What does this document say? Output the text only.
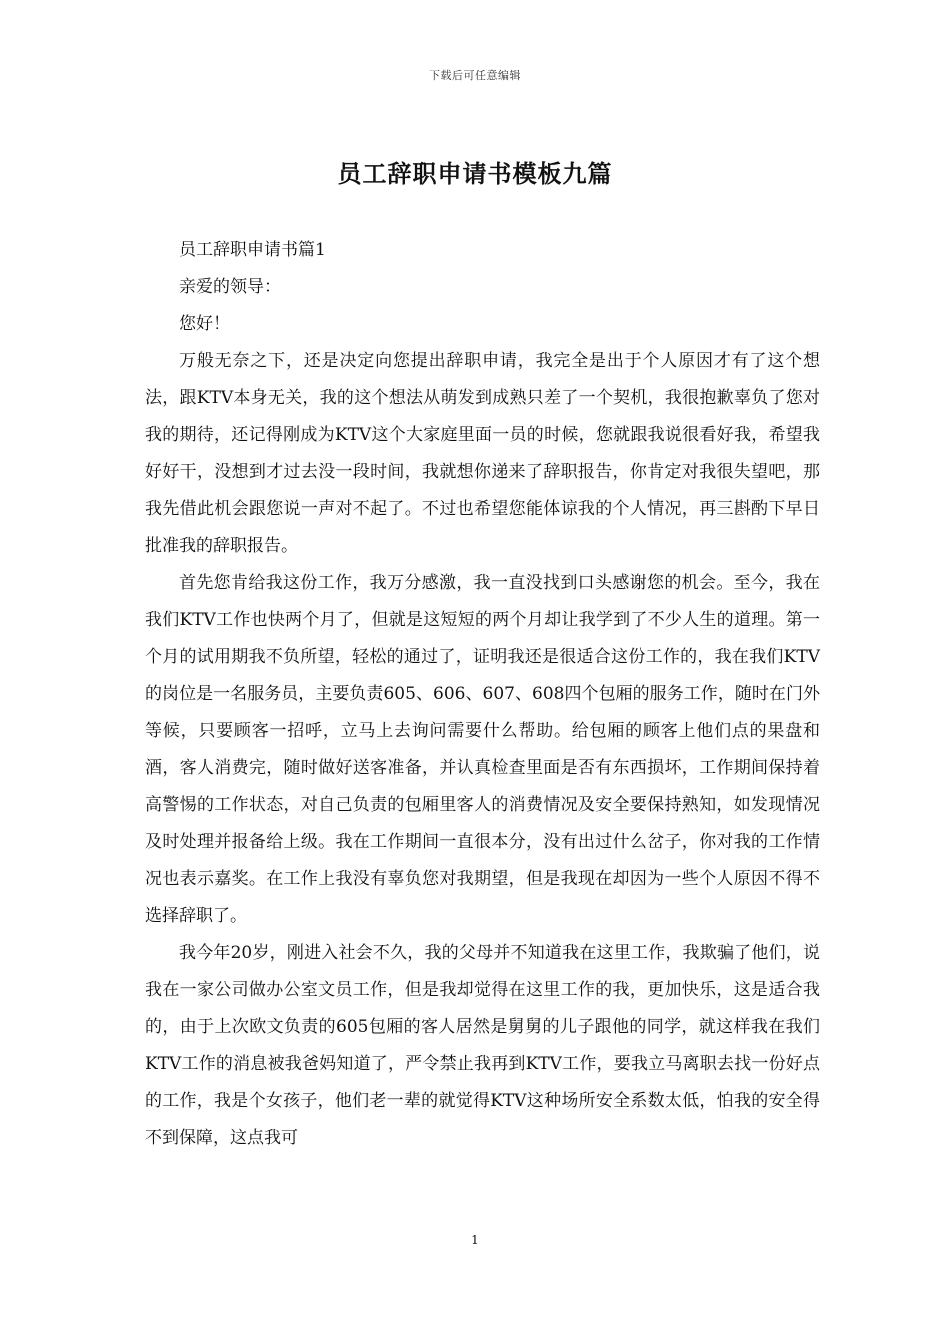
下载后可任意编辑
员工辞职申请书模板九篇

员工辞职申请书篇1

亲爱的领导：

您好！

万般无奈之下，还是决定向您提出辞职申请，我完全是出于个人原因才有了这个想法，跟KTV本身无关，我的这个想法从萌发到成熟只差了一个契机，我很抱歉辜负了您对我的期待，还记得刚成为KTV这个大家庭里面一员的时候，您就跟我说很看好我，希望我好好干，没想到才过去没一段时间，我就想你递来了辞职报告，你肯定对我很失望吧，那我先借此机会跟您说一声对不起了。不过也希望您能体谅我的个人情况，再三斟酌下早日批准我的辞职报告。

首先您肯给我这份工作，我万分感激，我一直没找到口头感谢您的机会。至今，我在我们KTV工作也快两个月了，但就是这短短的两个月却让我学到了不少人生的道理。第一个月的试用期我不负所望，轻松的通过了，证明我还是很适合这份工作的，我在我们KTV的岗位是一名服务员，主要负责605、606、607、608四个包厢的服务工作，随时在门外等候，只要顾客一招呼，立马上去询问需要什么帮助。给包厢的顾客上他们点的果盘和酒，客人消费完，随时做好送客准备，并认真检查里面是否有东西损坏，工作期间保持着高警惕的工作状态，对自己负责的包厢里客人的消费情况及安全要保持熟知，如发现情况及时处理并报备给上级。我在工作期间一直很本分，没有出过什么岔子，你对我的工作情况也表示嘉奖。在工作上我没有辜负您对我期望，但是我现在却因为一些个人原因不得不选择辞职了。

我今年20岁，刚进入社会不久，我的父母并不知道我在这里工作，我欺骗了他们，说我在一家公司做办公室文员工作，但是我却觉得在这里工作的我，更加快乐，这是适合我的，由于上次欧文负责的605包厢的客人居然是舅舅的儿子跟他的同学，就这样我在我们KTV工作的消息被我爸妈知道了，严令禁止我再到KTV工作，要我立马离职去找一份好点的工作，我是个女孩子，他们老一辈的就觉得KTV这种场所安全系数太低，怕我的安全得不到保障，这点我可

1
